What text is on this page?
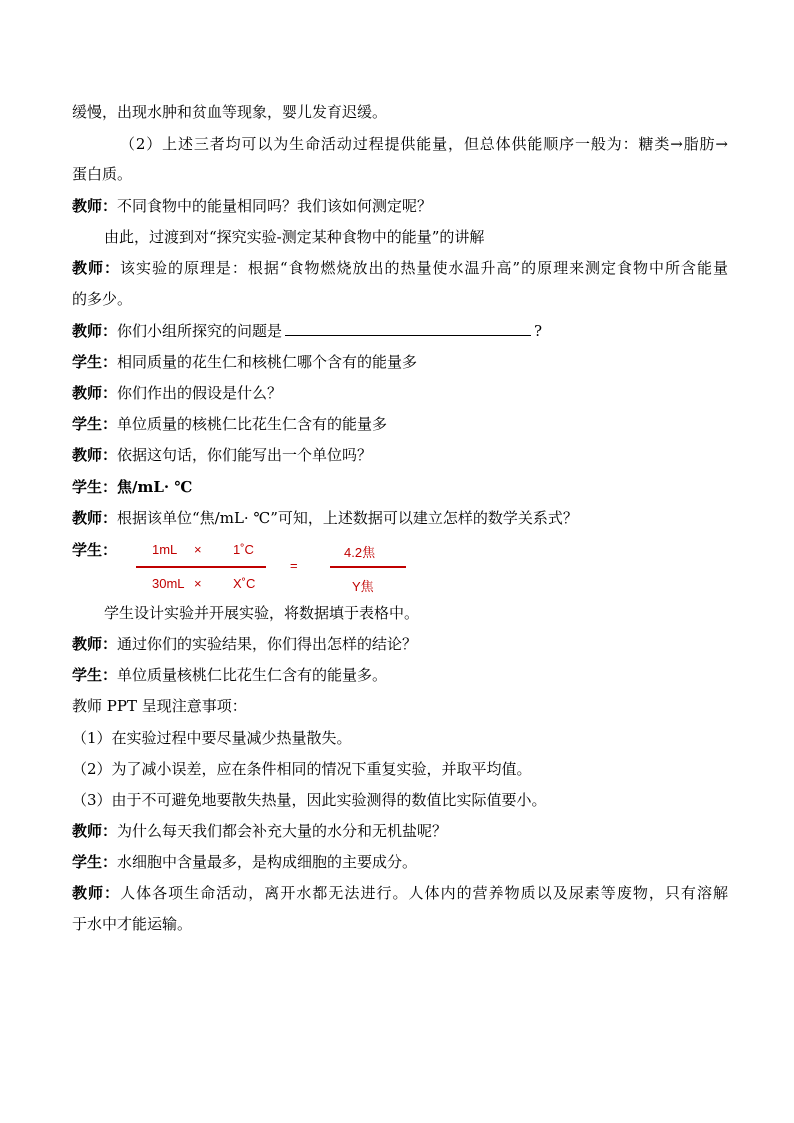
缓慢，出现水肿和贫血等现象，婴儿发育迟缓。
（2）上述三者均可以为生命活动过程提供能量，但总体供能顺序一般为：糖类→脂肪→
蛋白质。
教师：不同食物中的能量相同吗？我们该如何测定呢？
由此，过渡到对“探究实验-测定某种食物中的能量”的讲解
教师：该实验的原理是：根据“食物燃烧放出的热量使水温升高”的原理来测定食物中所含能量
的多少。
教师：你们小组所探究的问题是	?
学生：相同质量的花生仁和核桃仁哪个含有的能量多
教师：你们作出的假设是什么？
学生：单位质量的核桃仁比花生仁含有的能量多
教师：依据这句话，你们能写出一个单位吗？
学生：焦/mL· ℃
教师：根据该单位“焦/mL· ℃”可知，上述数据可以建立怎样的数学关系式？
学生：	1mL × 1˚C
30mL × X˚C
=
4.2焦
Y焦
学生设计实验并开展实验，将数据填于表格中。
教师：通过你们的实验结果，你们得出怎样的结论？
学生：单位质量核桃仁比花生仁含有的能量多。
教师 PPT 呈现注意事项：
（1）在实验过程中要尽量减少热量散失。
（2）为了减小误差，应在条件相同的情况下重复实验，并取平均值。
（3）由于不可避免地要散失热量，因此实验测得的数值比实际值要小。
教师：为什么每天我们都会补充大量的水分和无机盐呢？
学生：水细胞中含量最多，是构成细胞的主要成分。
教师：人体各项生命活动，离开水都无法进行。人体内的营养物质以及尿素等废物，只有溶解
于水中才能运输。
